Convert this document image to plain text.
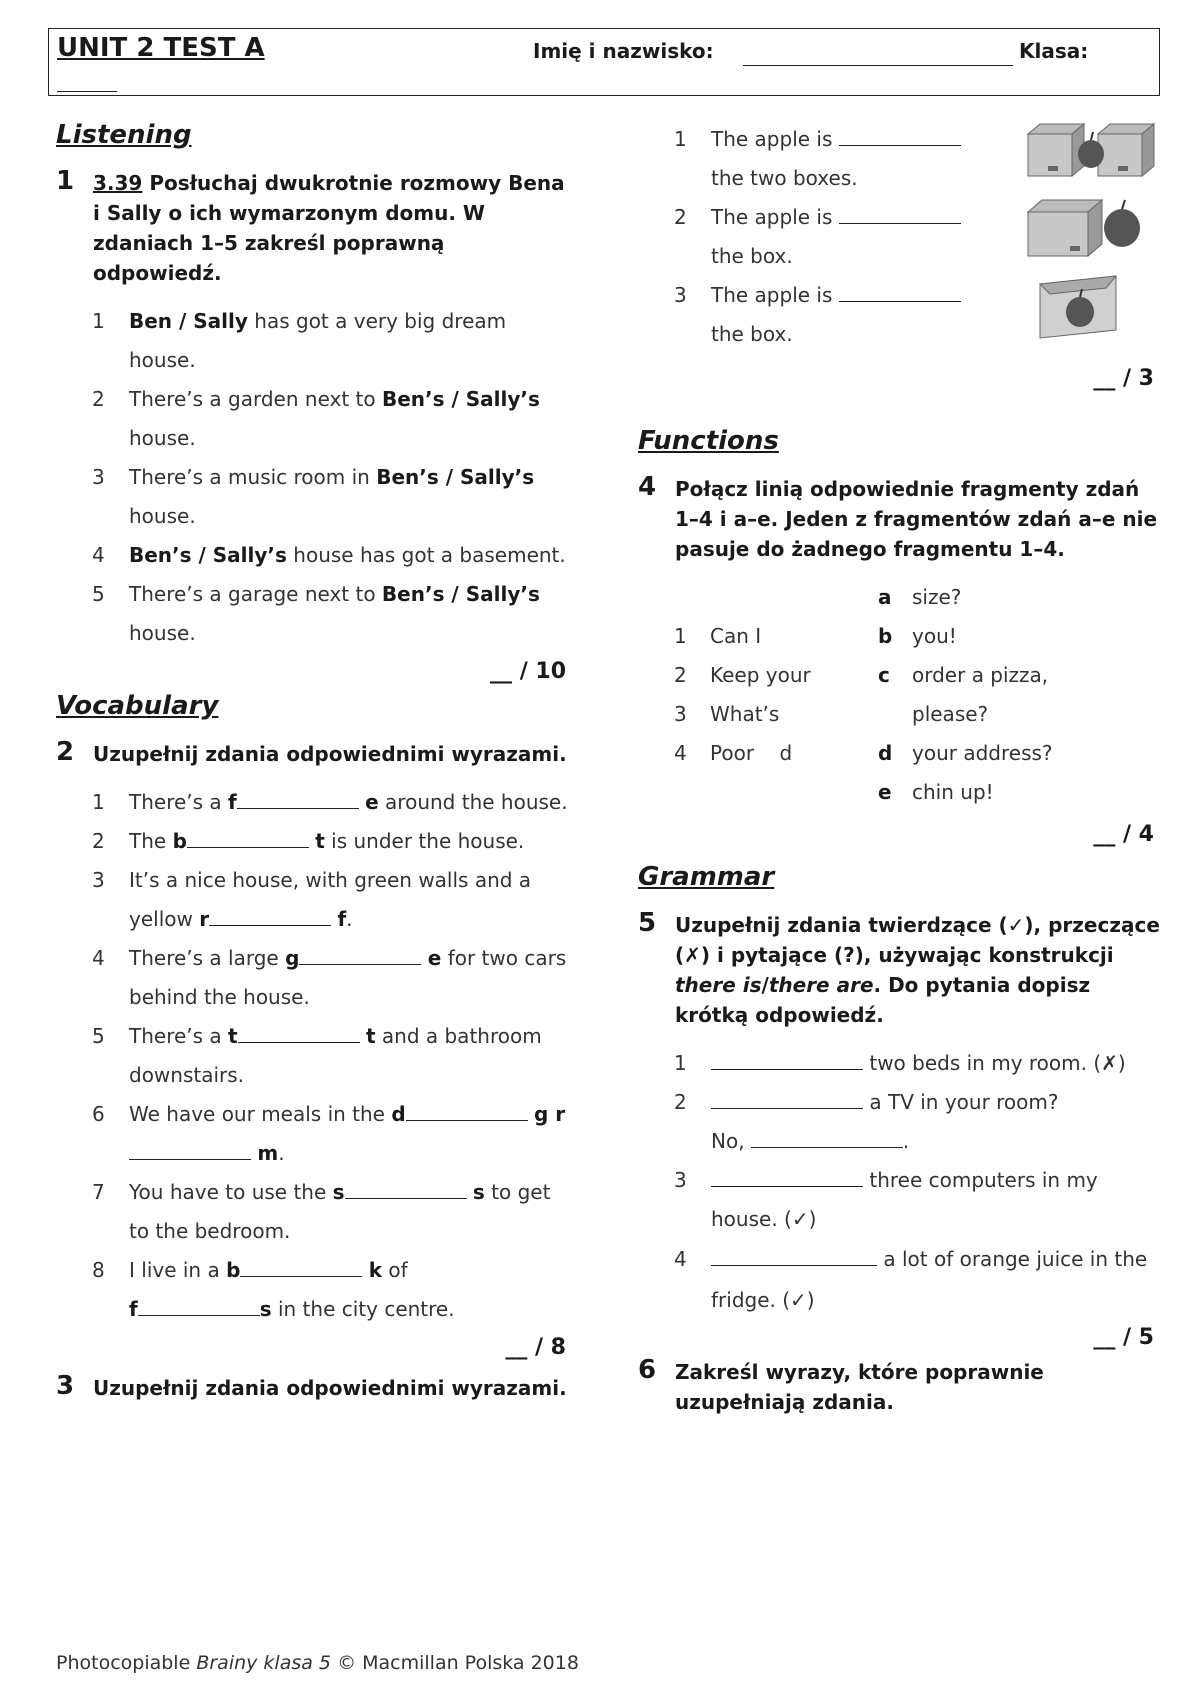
UNIT 2 TEST A	Imię i nazwisko:	Klasa:
Listening
1 3.39 Posłuchaj dwukrotnie rozmowy Bena i Sally o ich wymarzonym domu. W zdaniach 1–5 zakreśl poprawną odpowiedź.
1 Ben / Sally has got a very big dream house.
2 There’s a garden next to Ben’s / Sally’s house.
3 There’s a music room in Ben’s / Sally’s house.
4 Ben’s / Sally’s house has got a basement.
5 There’s a garage next to Ben’s / Sally’s house.
__ / 10
Vocabulary
2 Uzupełnij zdania odpowiednimi wyrazami.
1 There’s a f	e around the house.
2 The b	t is under the house.
3 It’s a nice house, with green walls and a yellow r	f.
4 There’s a large g	e for two cars behind the house.
5 There’s a t	t and a bathroom downstairs.
6 We have our meals in the d	g r m.
7 You have to use the s	s to get to the bedroom.
8 I live in a b	k of
f	s in the city centre.
__ / 8
3 Uzupełnij zdania odpowiednimi wyrazami.
1 The apple is
the two boxes.
2 The apple is
the box.
3 The apple is
the box.
__ / 3
Functions
4 Połącz linią odpowiednie fragmenty zdań 1–4 i a–e. Jeden z fragmentów zdań a–e nie pasuje do żadnego fragmentu 1–4.
1 Can I
2 Keep your
3 What’s
4 Poor    d
a size?
b you!
c order a pizza, please?
d your address?
e chin up!
__ / 4
Grammar
5 Uzupełnij zdania twierdzące (✓), przeczące (✗) i pytające (?), używając konstrukcji there is/there are. Do pytania dopisz krótką odpowiedź.
1	two beds in my room. (✗)
2	a TV in your room?
No,	.
3	three computers in my house. (✓)
4	a lot of orange juice in the fridge. (✓)
__ / 5
6 Zakreśl wyrazy, które poprawnie uzupełniają zdania.
Photocopiable Brainy klasa 5 © Macmillan Polska 2018
